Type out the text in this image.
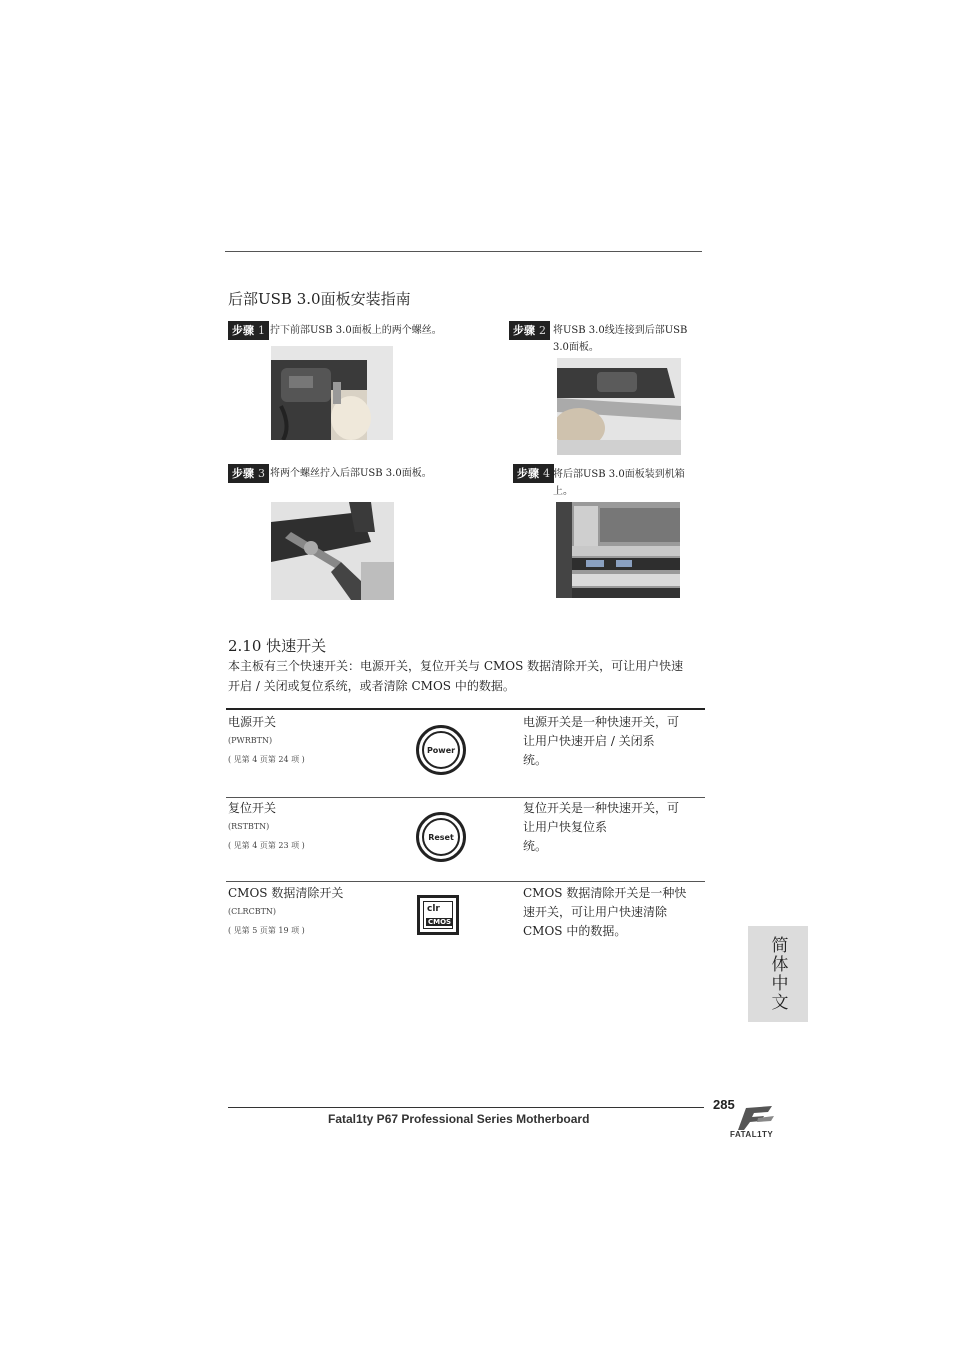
后部USB 3.0面板安装指南
步骤 1 拧下前部USB 3.0面板上的两个螺丝。	步骤 2 将USB 3.0线连接到后部USB 3.0面板。
步骤 3 将两个螺丝拧入后部USB 3.0面板。	步骤 4 将后部USB 3.0面板装到机箱上。
2.10 快速开关
本主板有三个快速开关：电源开关，复位开关与 CMOS 数据清除开关，可让用户快速
开启 / 关闭或复位系统，或者清除 CMOS 中的数据。
电源开关
(PWRBTN)
( 见第 4 页第 24 项 )
电源开关是一种快速开关，可
让用户快速开启 / 关闭系
统。
Power
复位开关
(RSTBTN)
( 见第 4 页第 23 项 )
复位开关是一种快速开关，可
让用户快复位系
统。
Reset
CMOS 数据清除开关
(CLRCBTN)
( 见第 5 页第 19 项 )
CMOS 数据清除开关是一种快
速开关，可让用户快速清除
CMOS 中的数据。
clr
CMOS
简体中文
285
Fatal1ty P67 Professional Series Motherboard
FATAL1TY
